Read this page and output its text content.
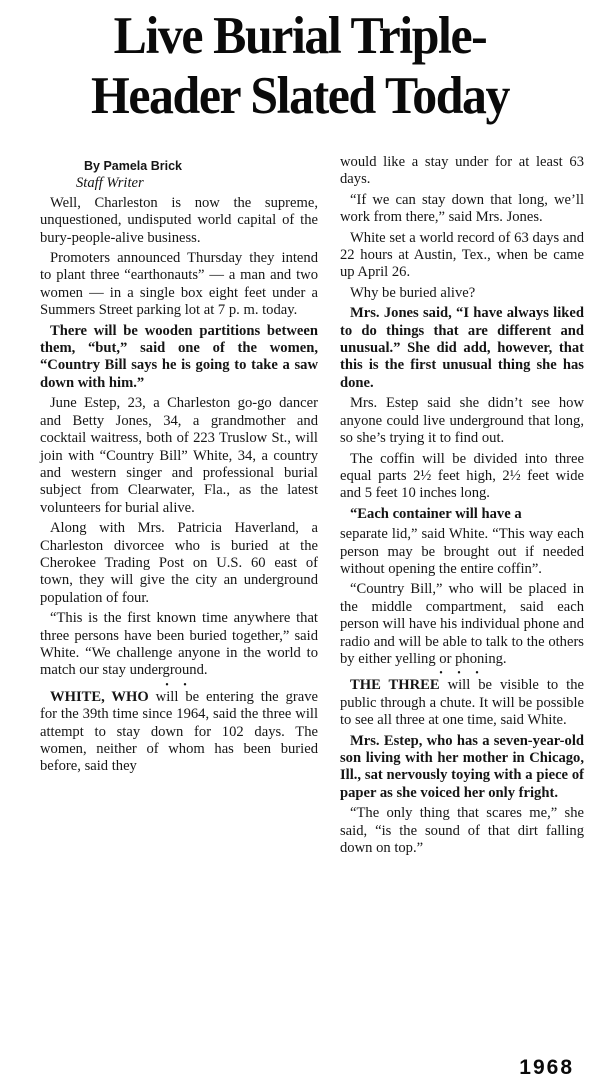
Live Burial Triple-
Header Slated Today
By Pamela Brick
Staff Writer

Well, Charleston is now the supreme, unquestioned, undisputed world capital of the bury-people-alive business.

Promoters announced Thursday they intend to plant three “earthonauts” — a man and two women — in a single box eight feet under a Summers Street parking lot at 7 p. m. today.

There will be wooden partitions between them, “but,” said one of the women, “Country Bill says he is going to take a saw down with him.”

June Estep, 23, a Charleston go-go dancer and Betty Jones, 34, a grandmother and cocktail waitress, both of 223 Truslow St., will join with “Country Bill” White, 34, a country and western singer and professional burial subject from Clearwater, Fla., as the latest volunteers for burial alive.

Along with Mrs. Patricia Haverland, a Charleston divorcee who is buried at the Cherokee Trading Post on U.S. 60 east of town, they will give the city an underground population of four.

“This is the first known time anywhere that three persons have been buried together,” said White. “We challenge anyone in the world to match our stay underground.

• •

WHITE, WHO will be entering the grave for the 39th time since 1964, said the three will attempt to stay down for 102 days. The women, neither of whom has been buried before, said they

would like a stay under for at least 63 days.

“If we can stay down that long, we’ll work from there,” said Mrs. Jones.

White set a world record of 63 days and 22 hours at Austin, Tex., when be came up April 26.

Why be buried alive?

Mrs. Jones said, “I have always liked to do things that are different and unusual.” She did add, however, that this is the first unusual thing she has done.

Mrs. Estep said she didn’t see how anyone could live underground that long, so she’s trying it to find out.

The coffin will be divided into three equal parts 2½ feet high, 2½ feet wide and 5 feet 10 inches long.

“Each container will have a

separate lid,” said White. “This way each person may be brought out if needed without opening the entire coffin”.

“Country Bill,” who will be placed in the middle compartment, said each person will have his individual phone and radio and will be able to talk to the others by either yelling or phoning.

• • •

THE THREE will be visible to the public through a chute. It will be possible to see all three at one time, said White.

Mrs. Estep, who has a seven-year-old son living with her mother in Chicago, Ill., sat nervously toying with a piece of paper as she voiced her only fright.

“The only thing that scares me,” she said, “is the sound of that dirt falling down on top.”

1968
